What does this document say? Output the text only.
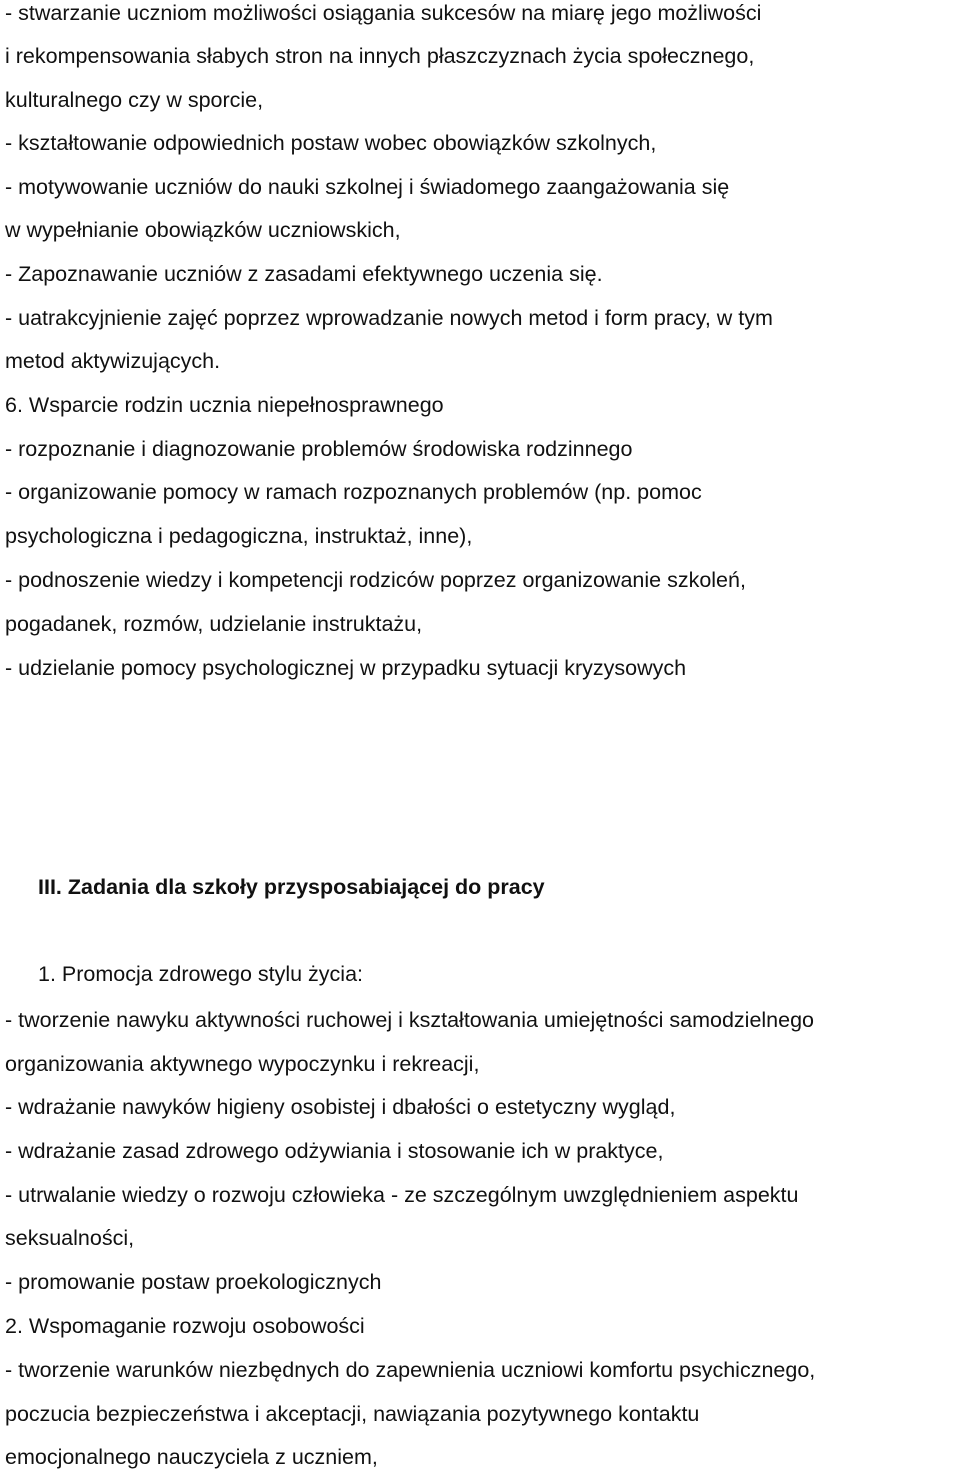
- stwarzanie uczniom możliwości osiągania sukcesów na miarę jego możliwości

i rekompensowania słabych stron na innych płaszczyznach życia społecznego,

kulturalnego czy w sporcie,

- kształtowanie odpowiednich postaw wobec obowiązków szkolnych,

- motywowanie uczniów do nauki szkolnej i świadomego zaangażowania się

w wypełnianie obowiązków uczniowskich,

- Zapoznawanie uczniów z zasadami efektywnego uczenia się.

- uatrakcyjnienie zajęć poprzez wprowadzanie nowych metod i form pracy, w tym

metod aktywizujących.

6. Wsparcie rodzin ucznia niepełnosprawnego

- rozpoznanie i diagnozowanie problemów środowiska rodzinnego

- organizowanie pomocy w ramach rozpoznanych problemów (np. pomoc

psychologiczna i pedagogiczna, instruktaż, inne),

- podnoszenie wiedzy i kompetencji rodziców poprzez organizowanie szkoleń,

pogadanek, rozmów, udzielanie instruktażu,

- udzielanie pomocy psychologicznej w przypadku sytuacji kryzysowych

III. Zadania dla szkoły przysposabiającej do pracy

1. Promocja zdrowego stylu życia:

- tworzenie nawyku aktywności ruchowej i kształtowania umiejętności samodzielnego

organizowania aktywnego wypoczynku i rekreacji,

- wdrażanie nawyków higieny osobistej i dbałości o estetyczny wygląd,

- wdrażanie zasad zdrowego odżywiania i stosowanie ich w praktyce,

- utrwalanie wiedzy o rozwoju człowieka - ze szczególnym uwzględnieniem aspektu

seksualności,

- promowanie postaw proekologicznych

2. Wspomaganie rozwoju osobowości

- tworzenie warunków niezbędnych do zapewnienia uczniowi komfortu psychicznego,

poczucia bezpieczeństwa i akceptacji, nawiązania pozytywnego kontaktu

emocjonalnego nauczyciela z uczniem,
